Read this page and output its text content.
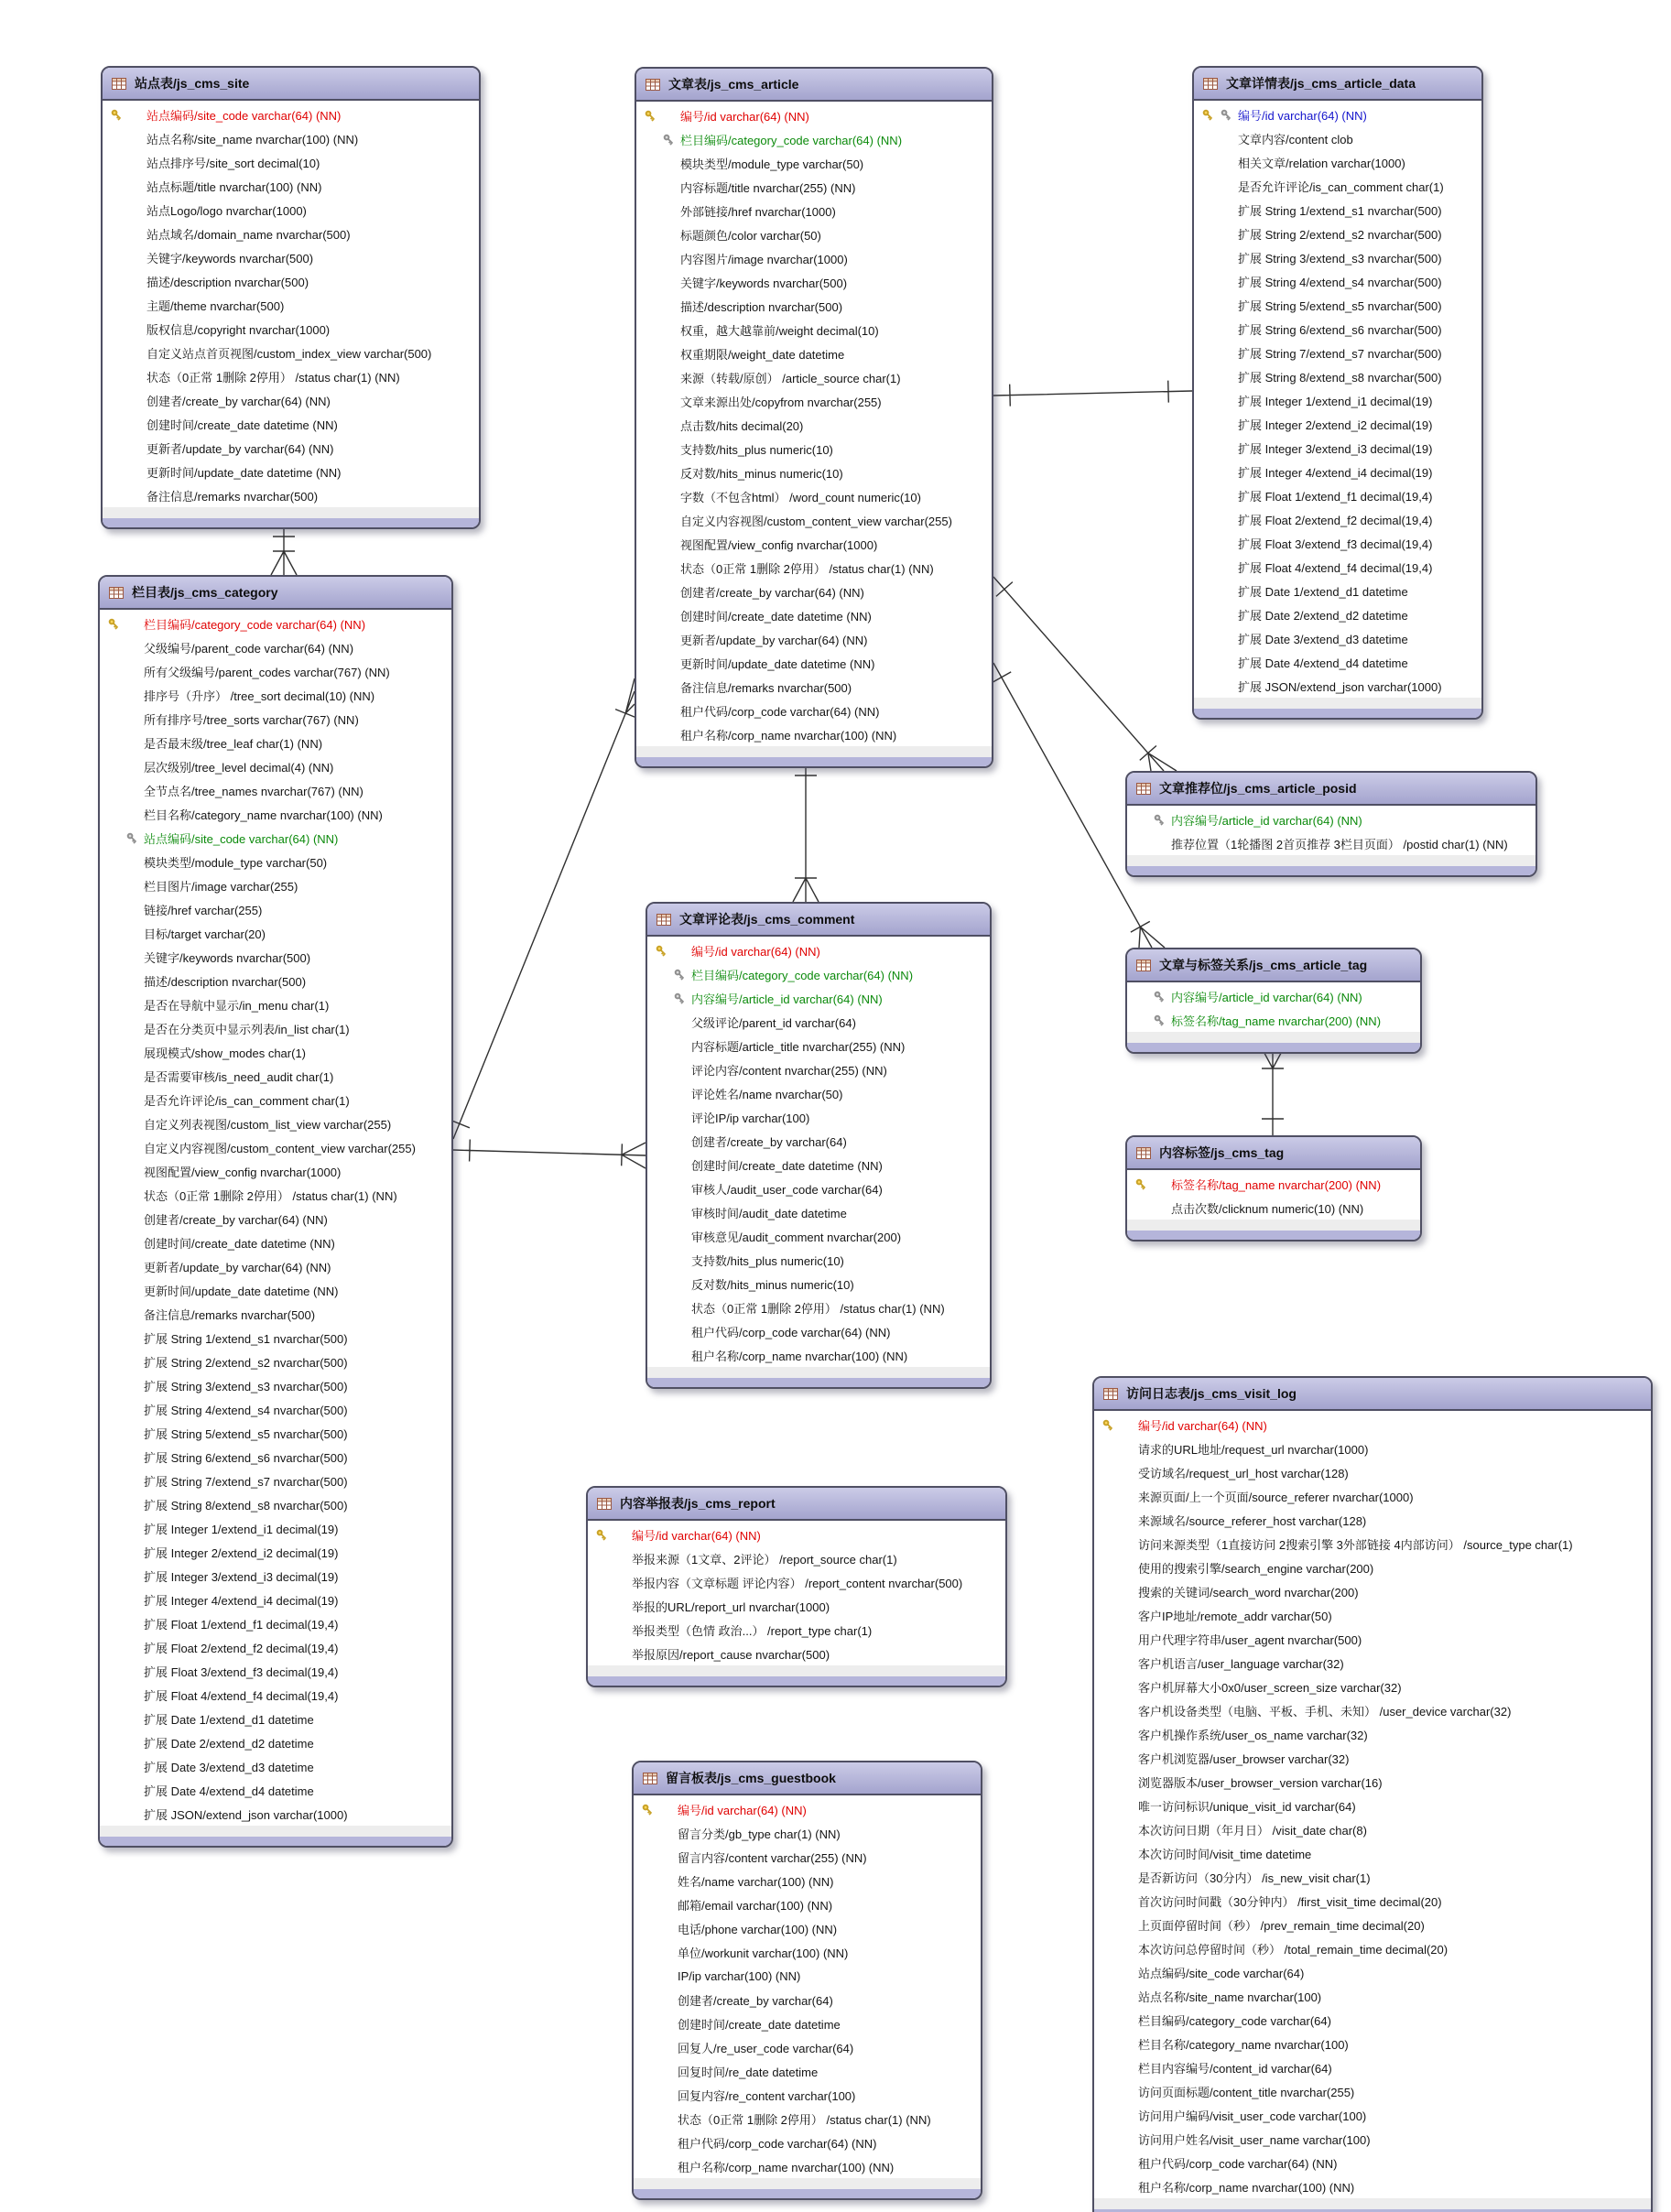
站点表/js_cms_site
站点编码/site_code varchar(64) (NN)
站点名称/site_name nvarchar(100) (NN)
站点排序号/site_sort decimal(10)
站点标题/title nvarchar(100) (NN)
站点Logo/logo nvarchar(1000)
站点域名/domain_name nvarchar(500)
关键字/keywords nvarchar(500)
描述/description nvarchar(500)
主题/theme nvarchar(500)
版权信息/copyright nvarchar(1000)
自定义站点首页视图/custom_index_view varchar(500)
状态（0正常 1删除 2停用） /status char(1) (NN)
创建者/create_by varchar(64) (NN)
创建时间/create_date datetime (NN)
更新者/update_by varchar(64) (NN)
更新时间/update_date datetime (NN)
备注信息/remarks nvarchar(500)
栏目表/js_cms_category
栏目编码/category_code varchar(64) (NN)
父级编号/parent_code varchar(64) (NN)
所有父级编号/parent_codes varchar(767) (NN)
排序号（升序） /tree_sort decimal(10) (NN)
所有排序号/tree_sorts varchar(767) (NN)
是否最末级/tree_leaf char(1) (NN)
层次级别/tree_level decimal(4) (NN)
全节点名/tree_names nvarchar(767) (NN)
栏目名称/category_name nvarchar(100) (NN)
站点编码/site_code varchar(64) (NN)
模块类型/module_type varchar(50)
栏目图片/image varchar(255)
链接/href varchar(255)
目标/target varchar(20)
关键字/keywords nvarchar(500)
描述/description nvarchar(500)
是否在导航中显示/in_menu char(1)
是否在分类页中显示列表/in_list char(1)
展现模式/show_modes char(1)
是否需要审核/is_need_audit char(1)
是否允许评论/is_can_comment char(1)
自定义列表视图/custom_list_view varchar(255)
自定义内容视图/custom_content_view varchar(255)
视图配置/view_config nvarchar(1000)
状态（0正常 1删除 2停用） /status char(1) (NN)
创建者/create_by varchar(64) (NN)
创建时间/create_date datetime (NN)
更新者/update_by varchar(64) (NN)
更新时间/update_date datetime (NN)
备注信息/remarks nvarchar(500)
扩展 String 1/extend_s1 nvarchar(500)
扩展 String 2/extend_s2 nvarchar(500)
扩展 String 3/extend_s3 nvarchar(500)
扩展 String 4/extend_s4 nvarchar(500)
扩展 String 5/extend_s5 nvarchar(500)
扩展 String 6/extend_s6 nvarchar(500)
扩展 String 7/extend_s7 nvarchar(500)
扩展 String 8/extend_s8 nvarchar(500)
扩展 Integer 1/extend_i1 decimal(19)
扩展 Integer 2/extend_i2 decimal(19)
扩展 Integer 3/extend_i3 decimal(19)
扩展 Integer 4/extend_i4 decimal(19)
扩展 Float 1/extend_f1 decimal(19,4)
扩展 Float 2/extend_f2 decimal(19,4)
扩展 Float 3/extend_f3 decimal(19,4)
扩展 Float 4/extend_f4 decimal(19,4)
扩展 Date 1/extend_d1 datetime
扩展 Date 2/extend_d2 datetime
扩展 Date 3/extend_d3 datetime
扩展 Date 4/extend_d4 datetime
扩展 JSON/extend_json varchar(1000)
文章表/js_cms_article
编号/id varchar(64) (NN)
栏目编码/category_code varchar(64) (NN)
模块类型/module_type varchar(50)
内容标题/title nvarchar(255) (NN)
外部链接/href nvarchar(1000)
标题颜色/color varchar(50)
内容图片/image nvarchar(1000)
关键字/keywords nvarchar(500)
描述/description nvarchar(500)
权重，越大越靠前/weight decimal(10)
权重期限/weight_date datetime
来源（转载/原创） /article_source char(1)
文章来源出处/copyfrom nvarchar(255)
点击数/hits decimal(20)
支持数/hits_plus numeric(10)
反对数/hits_minus numeric(10)
字数（不包含html） /word_count numeric(10)
自定义内容视图/custom_content_view varchar(255)
视图配置/view_config nvarchar(1000)
状态（0正常 1删除 2停用） /status char(1) (NN)
创建者/create_by varchar(64) (NN)
创建时间/create_date datetime (NN)
更新者/update_by varchar(64) (NN)
更新时间/update_date datetime (NN)
备注信息/remarks nvarchar(500)
租户代码/corp_code varchar(64) (NN)
租户名称/corp_name nvarchar(100) (NN)
文章详情表/js_cms_article_data
编号/id varchar(64) (NN)
文章内容/content clob
相关文章/relation varchar(1000)
是否允许评论/is_can_comment char(1)
扩展 String 1/extend_s1 nvarchar(500)
扩展 String 2/extend_s2 nvarchar(500)
扩展 String 3/extend_s3 nvarchar(500)
扩展 String 4/extend_s4 nvarchar(500)
扩展 String 5/extend_s5 nvarchar(500)
扩展 String 6/extend_s6 nvarchar(500)
扩展 String 7/extend_s7 nvarchar(500)
扩展 String 8/extend_s8 nvarchar(500)
扩展 Integer 1/extend_i1 decimal(19)
扩展 Integer 2/extend_i2 decimal(19)
扩展 Integer 3/extend_i3 decimal(19)
扩展 Integer 4/extend_i4 decimal(19)
扩展 Float 1/extend_f1 decimal(19,4)
扩展 Float 2/extend_f2 decimal(19,4)
扩展 Float 3/extend_f3 decimal(19,4)
扩展 Float 4/extend_f4 decimal(19,4)
扩展 Date 1/extend_d1 datetime
扩展 Date 2/extend_d2 datetime
扩展 Date 3/extend_d3 datetime
扩展 Date 4/extend_d4 datetime
扩展 JSON/extend_json varchar(1000)
文章推荐位/js_cms_article_posid
内容编号/article_id varchar(64) (NN)
推荐位置（1轮播图 2首页推荐 3栏目页面） /postid char(1) (NN)
文章与标签关系/js_cms_article_tag
内容编号/article_id varchar(64) (NN)
标签名称/tag_name nvarchar(200) (NN)
内容标签/js_cms_tag
标签名称/tag_name nvarchar(200) (NN)
点击次数/clicknum numeric(10) (NN)
文章评论表/js_cms_comment
编号/id varchar(64) (NN)
栏目编码/category_code varchar(64) (NN)
内容编号/article_id varchar(64) (NN)
父级评论/parent_id varchar(64)
内容标题/article_title nvarchar(255) (NN)
评论内容/content nvarchar(255) (NN)
评论姓名/name nvarchar(50)
评论IP/ip varchar(100)
创建者/create_by varchar(64)
创建时间/create_date datetime (NN)
审核人/audit_user_code varchar(64)
审核时间/audit_date datetime
审核意见/audit_comment nvarchar(200)
支持数/hits_plus numeric(10)
反对数/hits_minus numeric(10)
状态（0正常 1删除 2停用） /status char(1) (NN)
租户代码/corp_code varchar(64) (NN)
租户名称/corp_name nvarchar(100) (NN)
内容举报表/js_cms_report
编号/id varchar(64) (NN)
举报来源（1文章、2评论） /report_source char(1)
举报内容（文章标题 评论内容） /report_content nvarchar(500)
举报的URL/report_url nvarchar(1000)
举报类型（色情 政治...） /report_type char(1)
举报原因/report_cause nvarchar(500)
留言板表/js_cms_guestbook
编号/id varchar(64) (NN)
留言分类/gb_type char(1) (NN)
留言内容/content varchar(255) (NN)
姓名/name varchar(100) (NN)
邮箱/email varchar(100) (NN)
电话/phone varchar(100) (NN)
单位/workunit varchar(100) (NN)
IP/ip varchar(100) (NN)
创建者/create_by varchar(64)
创建时间/create_date datetime
回复人/re_user_code varchar(64)
回复时间/re_date datetime
回复内容/re_content varchar(100)
状态（0正常 1删除 2停用） /status char(1) (NN)
租户代码/corp_code varchar(64) (NN)
租户名称/corp_name nvarchar(100) (NN)
访问日志表/js_cms_visit_log
编号/id varchar(64) (NN)
请求的URL地址/request_url nvarchar(1000)
受访域名/request_url_host varchar(128)
来源页面/上一个页面/source_referer nvarchar(1000)
来源域名/source_referer_host varchar(128)
访问来源类型（1直接访问 2搜索引擎 3外部链接 4内部访问） /source_type char(1)
使用的搜索引擎/search_engine varchar(200)
搜索的关键词/search_word nvarchar(200)
客户IP地址/remote_addr varchar(50)
用户代理字符串/user_agent nvarchar(500)
客户机语言/user_language varchar(32)
客户机屏幕大小0x0/user_screen_size varchar(32)
客户机设备类型（电脑、平板、手机、未知） /user_device varchar(32)
客户机操作系统/user_os_name varchar(32)
客户机浏览器/user_browser varchar(32)
浏览器版本/user_browser_version varchar(16)
唯一访问标识/unique_visit_id varchar(64)
本次访问日期（年月日） /visit_date char(8)
本次访问时间/visit_time datetime
是否新访问（30分内） /is_new_visit char(1)
首次访问时间戳（30分钟内） /first_visit_time decimal(20)
上页面停留时间（秒） /prev_remain_time decimal(20)
本次访问总停留时间（秒） /total_remain_time decimal(20)
站点编码/site_code varchar(64)
站点名称/site_name nvarchar(100)
栏目编码/category_code varchar(64)
栏目名称/category_name nvarchar(100)
栏目内容编号/content_id varchar(64)
访问页面标题/content_title nvarchar(255)
访问用户编码/visit_user_code varchar(100)
访问用户姓名/visit_user_name varchar(100)
租户代码/corp_code varchar(64) (NN)
租户名称/corp_name nvarchar(100) (NN)
